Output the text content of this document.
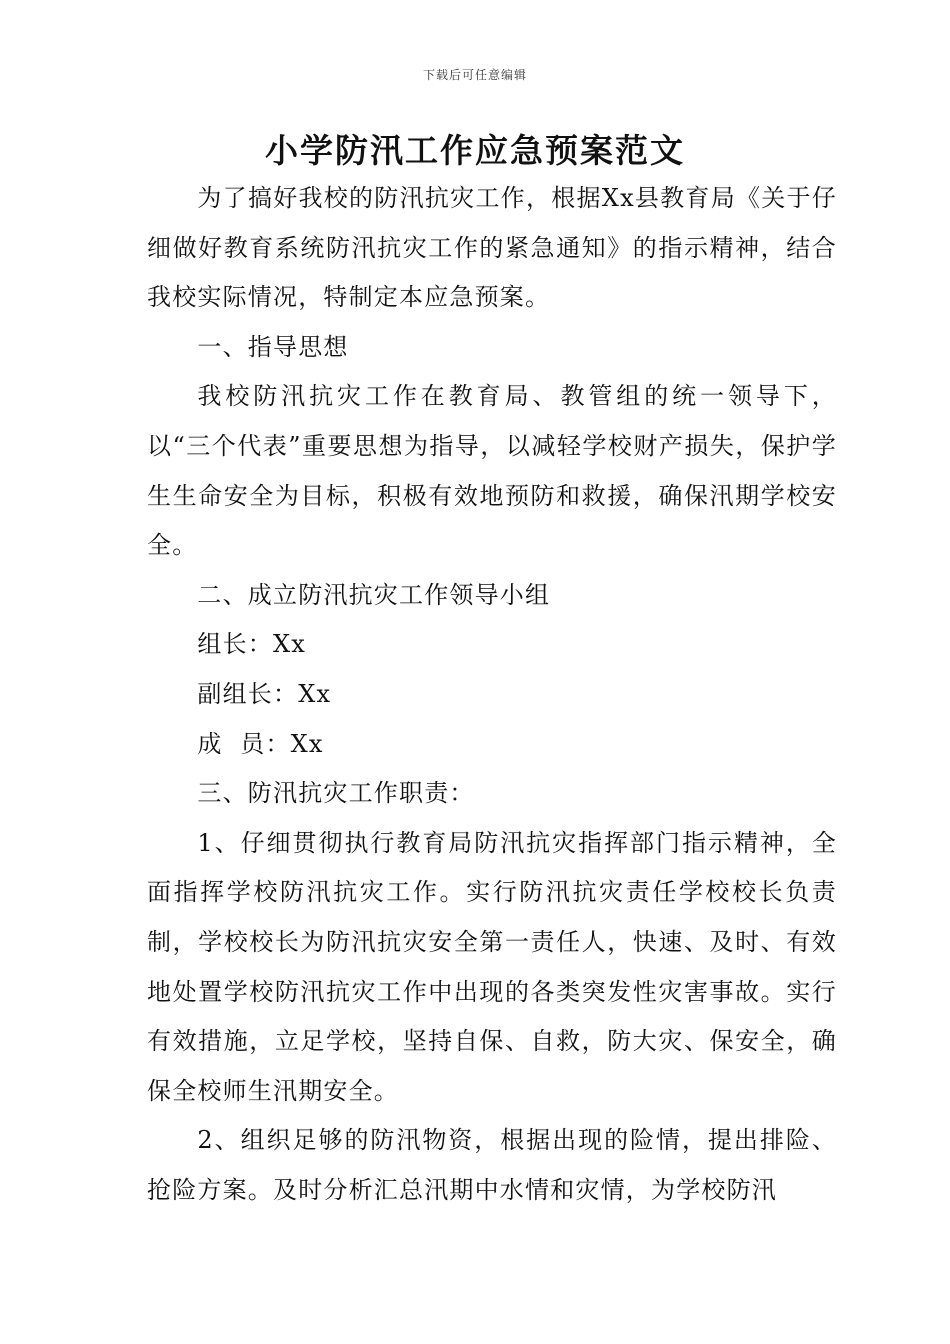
下载后可任意编辑
小学防汛工作应急预案范文

为了搞好我校的防汛抗灾工作，根据Xx县教育局《关于仔细做好教育系统防汛抗灾工作的紧急通知》的指示精神，结合我校实际情况，特制定本应急预案。

一、指导思想

我校防汛抗灾工作在教育局、教管组的统一领导下，以“三个代表”重要思想为指导，以减轻学校财产损失，保护学生生命安全为目标，积极有效地预防和救援，确保汛期学校安全。

二、成立防汛抗灾工作领导小组

组长：Xx

副组长：Xx

成  员：Xx

三、防汛抗灾工作职责：

1、仔细贯彻执行教育局防汛抗灾指挥部门指示精神，全面指挥学校防汛抗灾工作。实行防汛抗灾责任学校校长负责制，学校校长为防汛抗灾安全第一责任人，快速、及时、有效地处置学校防汛抗灾工作中出现的各类突发性灾害事故。实行有效措施，立足学校，坚持自保、自救，防大灾、保安全，确保全校师生汛期安全。

2、组织足够的防汛物资，根据出现的险情，提出排险、抢险方案。及时分析汇总汛期中水情和灾情，为学校防汛
